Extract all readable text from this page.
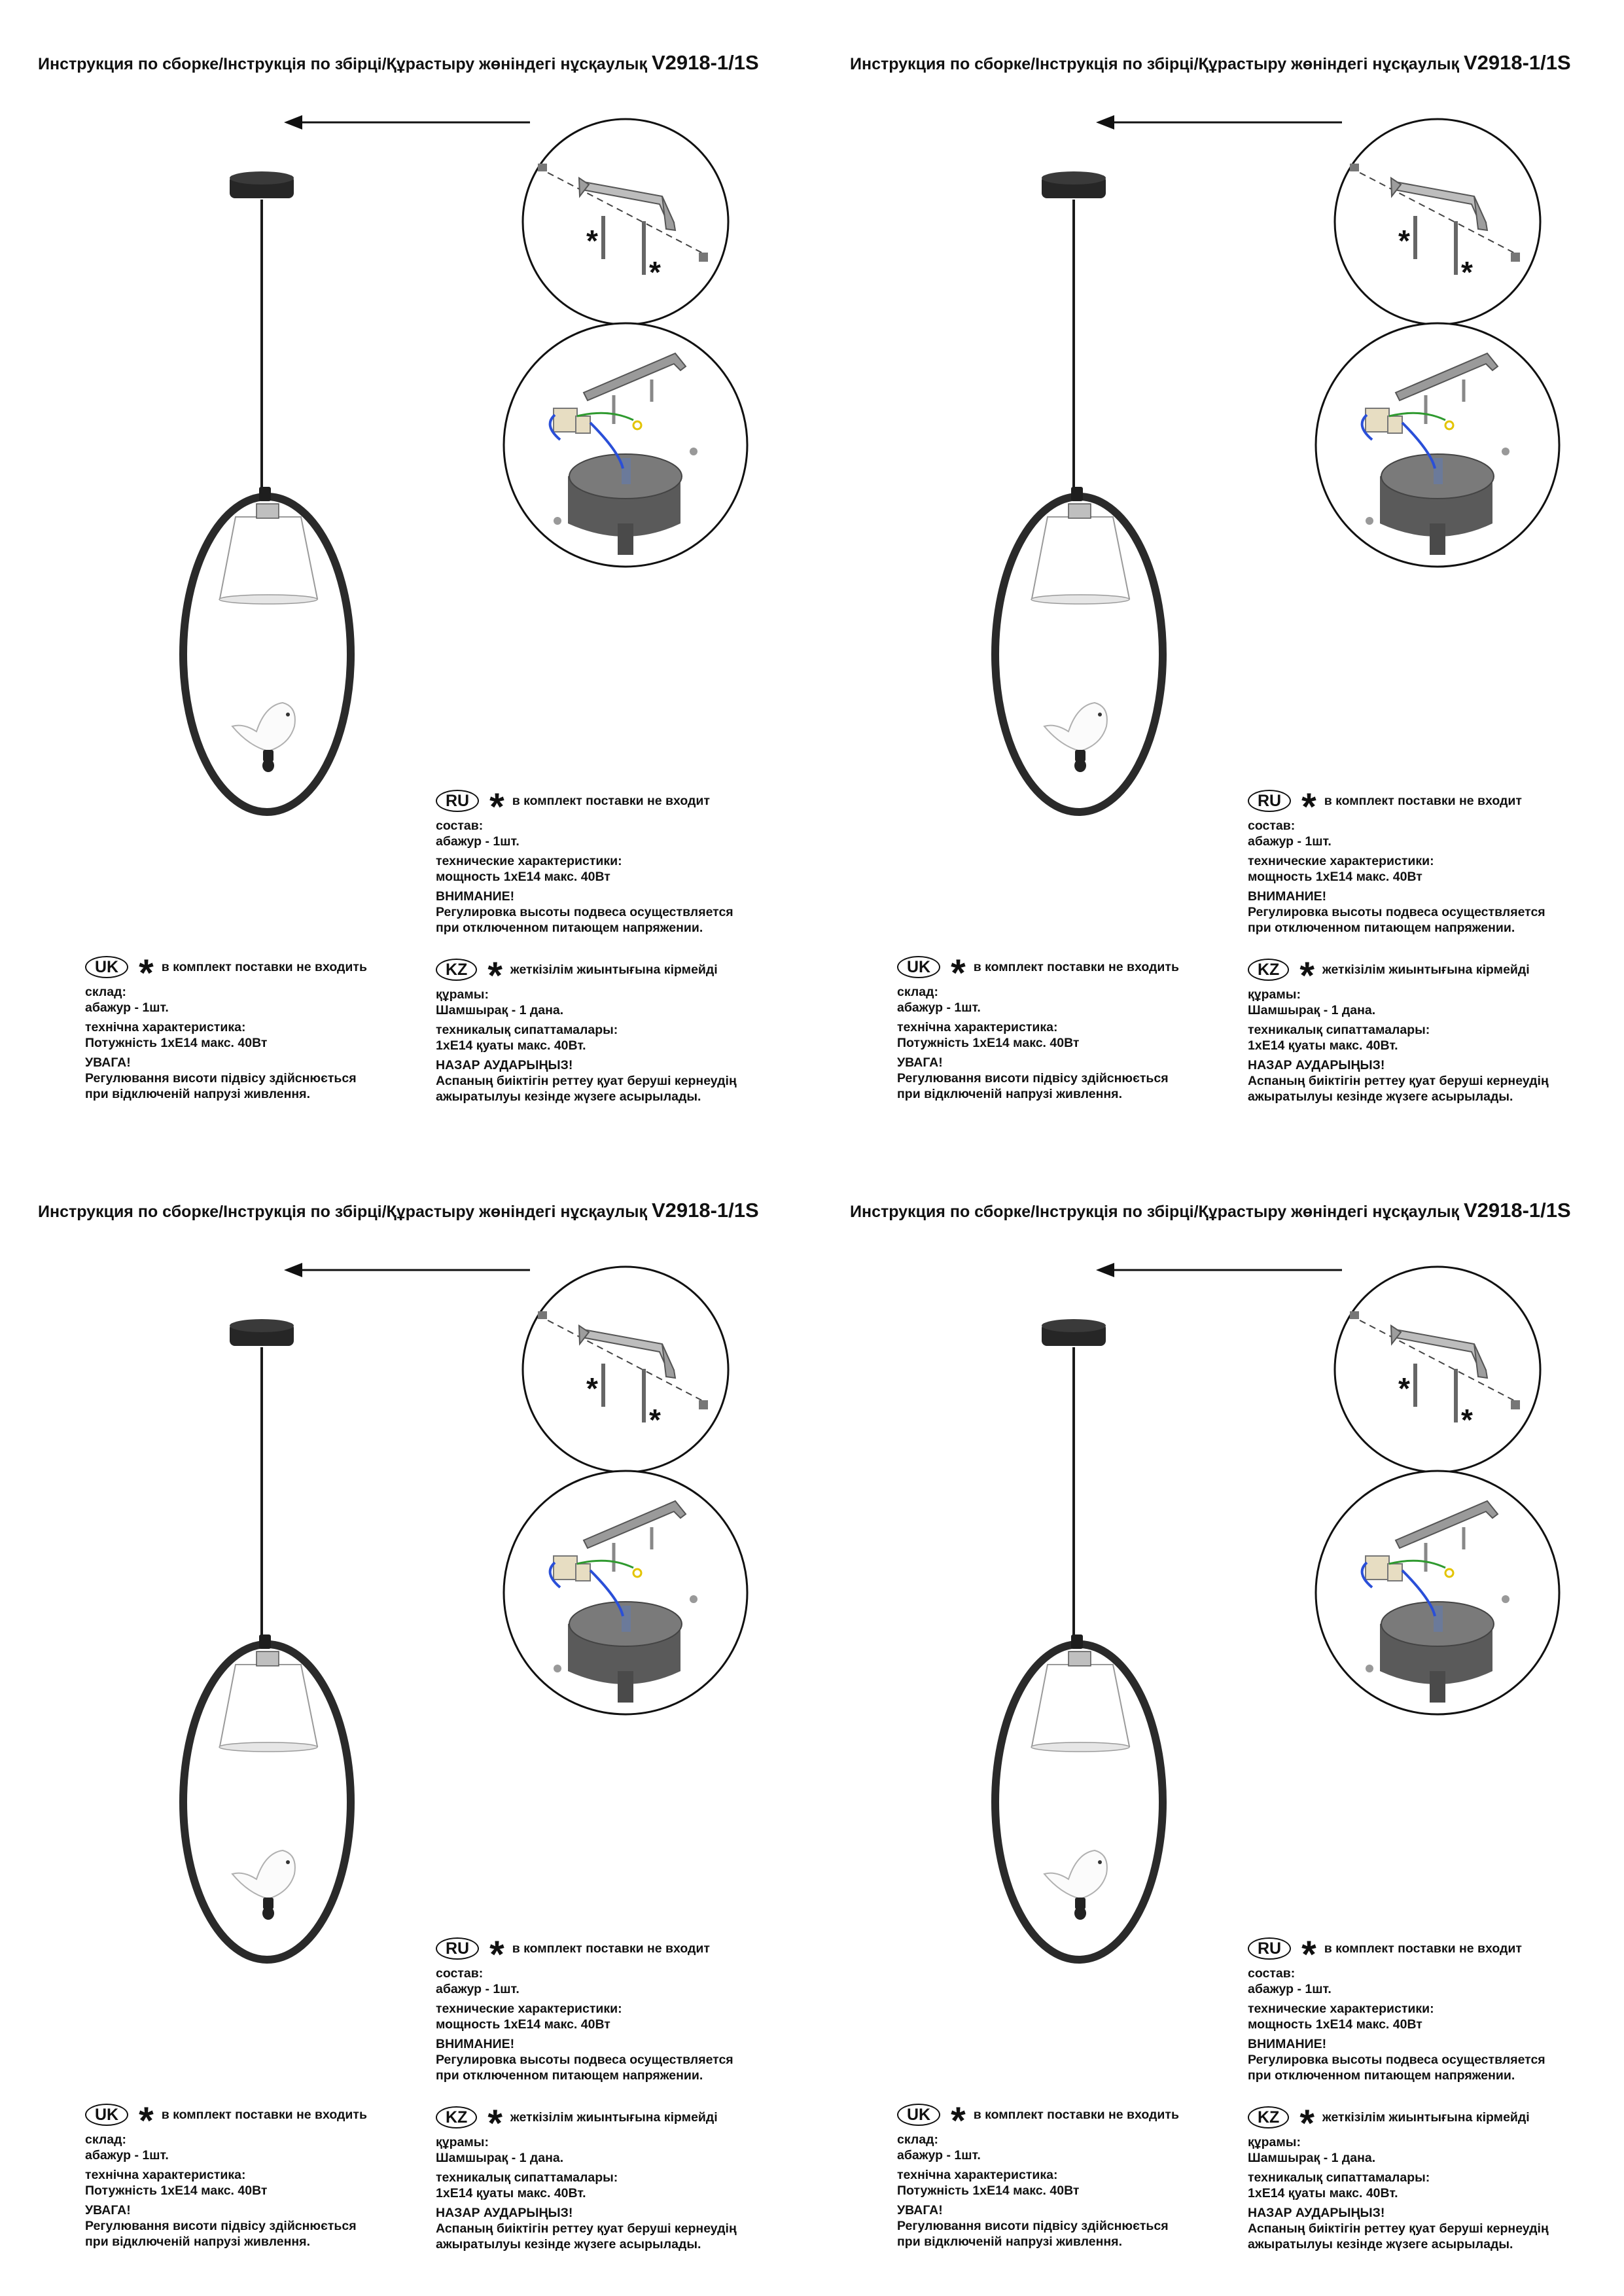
Инструкция по сборке/Інструкція по збірці/Құрастыру жөніндегі нұсқаулық V2918-1/1S
*
*
RU * в комплект поставки не входит
состав:
абажур - 1шт.
технические характеристики:
мощность 1хЕ14 макс. 40Вт
ВНИМАНИЕ!
Регулировка высоты подвеса осуществляется
при отключенном питающем напряжении.
UK * в комплект поставки не входить
склад:
абажур - 1шт.
технічна характеристика:
Потужність 1хЕ14 макс. 40Вт
УВАГА!
Регулювання висоти підвісу здійснюється
при відключеній напрузі живлення.
KZ * жеткізілім жиынтығына кірмейді
құрамы:
Шамшырақ - 1 дана.
техникалық сипаттамалары:
1хЕ14 қуаты макс. 40Вт.
НАЗАР АУДАРЫҢЫЗ!
Аспаның биіктігін реттеу қуат беруші кернеудің
ажыратылуы кезінде жүзеге асырылады.
Инструкция по сборке/Інструкція по збірці/Құрастыру жөніндегі нұсқаулық V2918-1/1S
*
*
RU * в комплект поставки не входит
состав:
абажур - 1шт.
технические характеристики:
мощность 1хЕ14 макс. 40Вт
ВНИМАНИЕ!
Регулировка высоты подвеса осуществляется
при отключенном питающем напряжении.
UK * в комплект поставки не входить
склад:
абажур - 1шт.
технічна характеристика:
Потужність 1хЕ14 макс. 40Вт
УВАГА!
Регулювання висоти підвісу здійснюється
при відключеній напрузі живлення.
KZ * жеткізілім жиынтығына кірмейді
құрамы:
Шамшырақ - 1 дана.
техникалық сипаттамалары:
1хЕ14 қуаты макс. 40Вт.
НАЗАР АУДАРЫҢЫЗ!
Аспаның биіктігін реттеу қуат беруші кернеудің
ажыратылуы кезінде жүзеге асырылады.
Инструкция по сборке/Інструкція по збірці/Құрастыру жөніндегі нұсқаулық V2918-1/1S
*
*
RU * в комплект поставки не входит
состав:
абажур - 1шт.
технические характеристики:
мощность 1хЕ14 макс. 40Вт
ВНИМАНИЕ!
Регулировка высоты подвеса осуществляется
при отключенном питающем напряжении.
UK * в комплект поставки не входить
склад:
абажур - 1шт.
технічна характеристика:
Потужність 1хЕ14 макс. 40Вт
УВАГА!
Регулювання висоти підвісу здійснюється
при відключеній напрузі живлення.
KZ * жеткізілім жиынтығына кірмейді
құрамы:
Шамшырақ - 1 дана.
техникалық сипаттамалары:
1хЕ14 қуаты макс. 40Вт.
НАЗАР АУДАРЫҢЫЗ!
Аспаның биіктігін реттеу қуат беруші кернеудің
ажыратылуы кезінде жүзеге асырылады.
Инструкция по сборке/Інструкція по збірці/Құрастыру жөніндегі нұсқаулық V2918-1/1S
*
*
RU * в комплект поставки не входит
состав:
абажур - 1шт.
технические характеристики:
мощность 1хЕ14 макс. 40Вт
ВНИМАНИЕ!
Регулировка высоты подвеса осуществляется
при отключенном питающем напряжении.
UK * в комплект поставки не входить
склад:
абажур - 1шт.
технічна характеристика:
Потужність 1хЕ14 макс. 40Вт
УВАГА!
Регулювання висоти підвісу здійснюється
при відключеній напрузі живлення.
KZ * жеткізілім жиынтығына кірмейді
құрамы:
Шамшырақ - 1 дана.
техникалық сипаттамалары:
1хЕ14 қуаты макс. 40Вт.
НАЗАР АУДАРЫҢЫЗ!
Аспаның биіктігін реттеу қуат беруші кернеудің
ажыратылуы кезінде жүзеге асырылады.
